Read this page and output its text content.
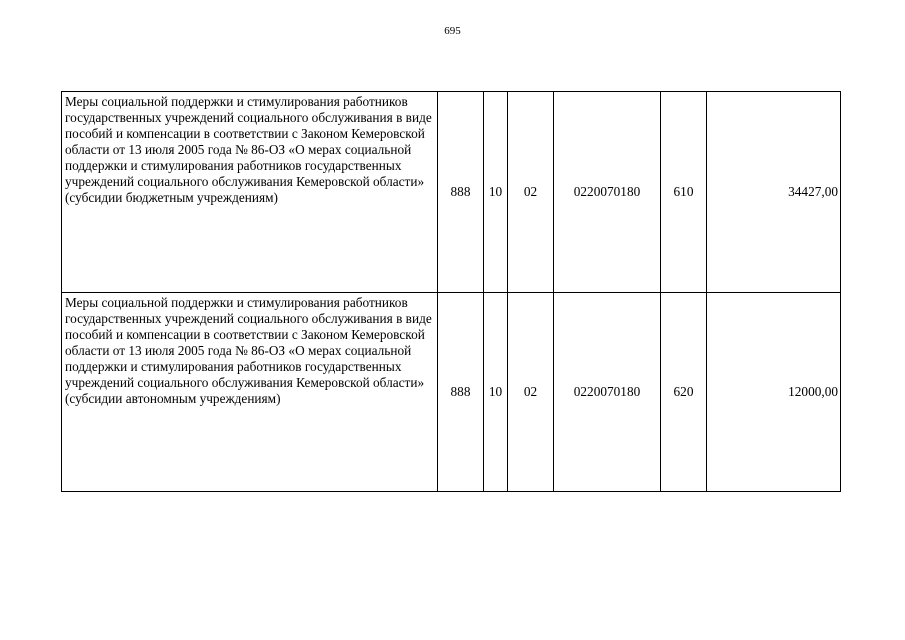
695
Меры социальной поддержки и стимулирования работников государственных учреждений социального обслуживания в виде пособий и компенсации в соответствии с Законом Кемеровской области от 13 июля 2005 года № 86-ОЗ «О мерах социальной поддержки и стимулирования работников государственных учреждений социального обслуживания Кемеровской области» (субсидии бюджетным учреждениям)	888	10	02	0220070180	610	34427,00
Меры социальной поддержки и стимулирования работников государственных учреждений социального обслуживания в виде пособий и компенсации в соответствии с Законом Кемеровской области от 13 июля 2005 года № 86-ОЗ «О мерах социальной поддержки и стимулирования работников государственных учреждений социального обслуживания Кемеровской области» (субсидии автономным учреждениям)	888	10	02	0220070180	620	12000,00
